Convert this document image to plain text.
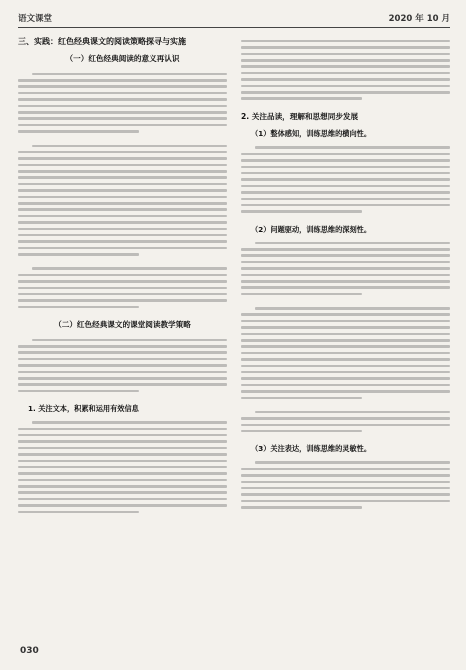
语文课堂	2020 年 10 月
三、实践：红色经典课文的阅读策略探寻与实施
（一）红色经典阅读的意义再认识
（二）红色经典课文的课堂阅读教学策略
1. 关注文本，积累和运用有效信息
2. 关注品读，理解和思想同步发展
（1）整体感知，训练思维的横向性。
（2）问题驱动，训练思维的深刻性。
（3）关注表达，训练思维的灵敏性。
030
